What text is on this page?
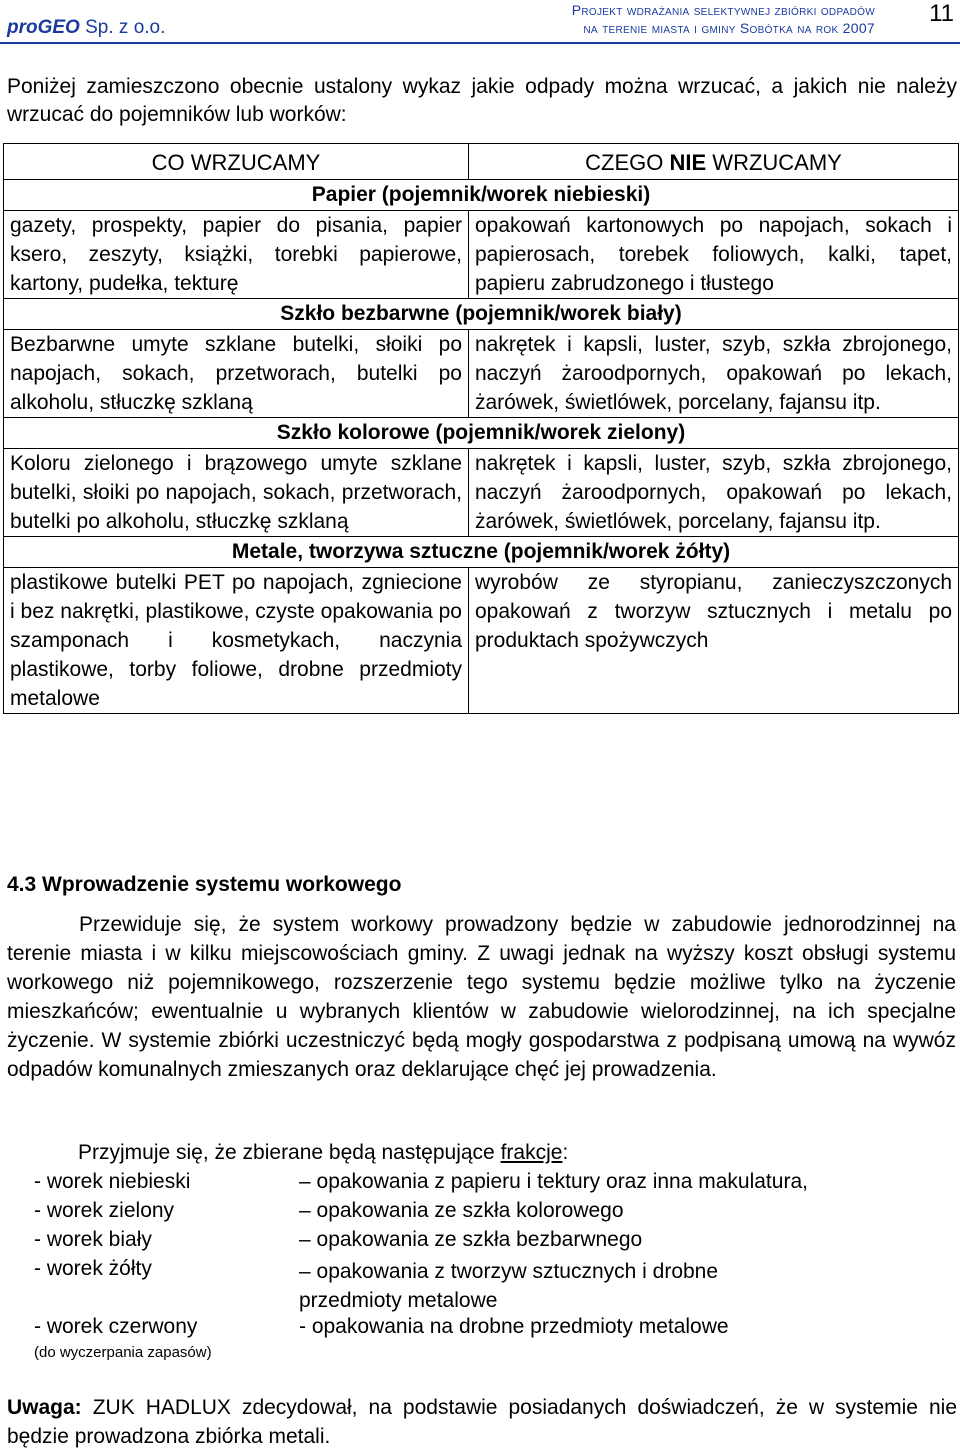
proGEO Sp. z o.o.
Projekt wdrażania selektywnej zbiórki odpadów
na terenie miasta i gminy Sobótka na rok 2007
11
Poniżej zamieszczono obecnie ustalony wykaz jakie odpady można wrzucać, a jakich nie należy wrzucać do pojemników lub worków:
CO WRZUCAMY	CZEGO NIE WRZUCAMY
Papier (pojemnik/worek niebieski)	
gazety, prospekty, papier do pisania, papier ksero, zeszyty, książki, torebki papierowe, kartony, pudełka, tekturę	opakowań kartonowych po napojach, sokach i papierosach, torebek foliowych, kalki, tapet, papieru zabrudzonego i tłustego
Szkło bezbarwne (pojemnik/worek biały)	
Bezbarwne umyte szklane butelki, słoiki po napojach, sokach, przetworach, butelki po alkoholu, stłuczkę szklaną	nakrętek i kapsli, luster, szyb, szkła zbrojonego, naczyń żaroodpornych, opakowań po lekach, żarówek, świetlówek, porcelany, fajansu itp.
Szkło kolorowe (pojemnik/worek zielony)	
Koloru zielonego i brązowego umyte szklane butelki, słoiki po napojach, sokach, przetworach, butelki po alkoholu, stłuczkę szklaną	nakrętek i kapsli, luster, szyb, szkła zbrojonego, naczyń żaroodpornych, opakowań po lekach, żarówek, świetlówek, porcelany, fajansu itp.
Metale, tworzywa sztuczne (pojemnik/worek żółty)	
plastikowe butelki PET po napojach, zgniecione i bez nakrętki, plastikowe, czyste opakowania po szamponach i kosmetykach, naczynia plastikowe, torby foliowe, drobne przedmioty metalowe	wyrobów ze styropianu, zanieczyszczonych opakowań z tworzyw sztucznych i metalu po produktach spożywczych
4.3 Wprowadzenie systemu workowego
Przewiduje się, że system workowy prowadzony będzie w zabudowie jednorodzinnej na terenie miasta i w kilku miejscowościach gminy. Z uwagi jednak na wyższy koszt obsługi systemu workowego niż pojemnikowego, rozszerzenie tego systemu będzie możliwe tylko na życzenie mieszkańców; ewentualnie u wybranych klientów w zabudowie wielorodzinnej, na ich specjalne życzenie. W systemie zbiórki uczestniczyć będą mogły gospodarstwa z podpisaną umową na wywóz odpadów komunalnych zmieszanych oraz deklarujące chęć jej prowadzenia.
Przyjmuje się, że zbierane będą następujące frakcje:
- worek niebieski	– opakowania z papieru i tektury oraz inna makulatura,
- worek zielony	– opakowania ze szkła kolorowego
- worek biały	– opakowania ze szkła bezbarwnego
- worek żółty	– opakowania z tworzyw sztucznych i drobne przedmioty metalowe
- worek czerwony	- opakowania na drobne przedmioty metalowe
(do wyczerpania zapasów)
Uwaga: ZUK HADLUX zdecydował, na podstawie posiadanych doświadczeń, że w systemie nie będzie prowadzona zbiórka metali.
